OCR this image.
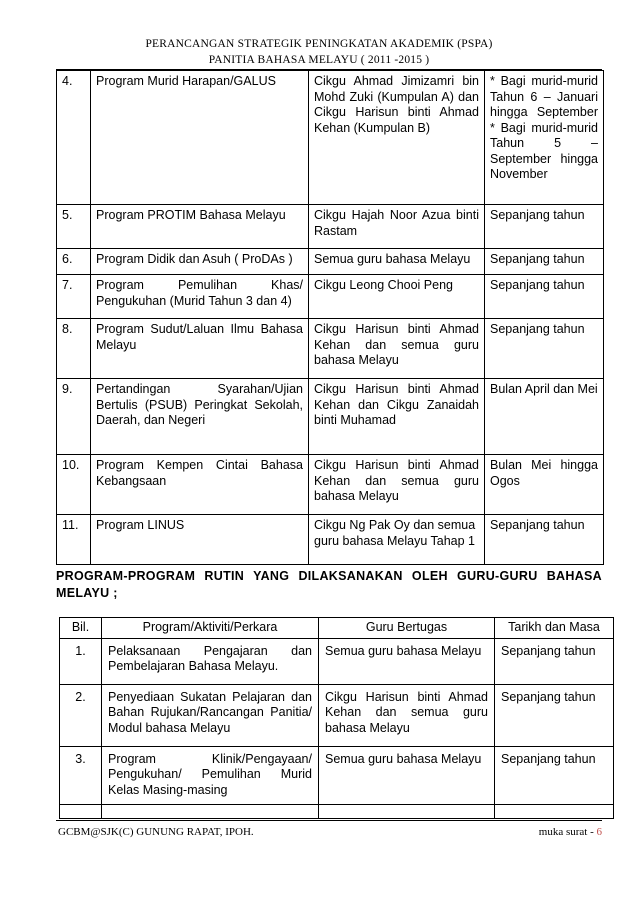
PERANCANGAN STRATEGIK PENINGKATAN AKADEMIK (PSPA)
PANITIA BAHASA MELAYU ( 2011 -2015 )
4.	Program Murid Harapan/GALUS	Cikgu Ahmad Jimizamri bin Mohd Zuki (Kumpulan A) dan Cikgu Harisun binti Ahmad Kehan (Kumpulan B)	* Bagi murid-murid Tahun 6 – Januari hingga September * Bagi murid-murid Tahun 5 – September hingga November
5.	Program PROTIM Bahasa Melayu	Cikgu Hajah Noor Azua binti Rastam	Sepanjang tahun
6.	Program Didik dan Asuh ( ProDAs )	Semua guru bahasa Melayu	Sepanjang tahun
7.	Program Pemulihan Khas/ Pengukuhan (Murid Tahun 3 dan 4)	Cikgu Leong Chooi Peng	Sepanjang tahun
8.	Program Sudut/Laluan Ilmu Bahasa Melayu	Cikgu Harisun binti Ahmad Kehan dan semua guru bahasa Melayu	Sepanjang tahun
9.	Pertandingan Syarahan/Ujian Bertulis (PSUB) Peringkat Sekolah, Daerah, dan Negeri	Cikgu Harisun binti Ahmad Kehan dan Cikgu Zanaidah binti Muhamad	Bulan April dan Mei
10.	Program Kempen Cintai Bahasa Kebangsaan	Cikgu Harisun binti Ahmad Kehan dan semua guru bahasa Melayu	Bulan Mei hingga Ogos
11.	Program LINUS	Cikgu Ng Pak Oy dan semua guru bahasa Melayu Tahap 1	Sepanjang tahun
PROGRAM-PROGRAM RUTIN YANG DILAKSANAKAN OLEH GURU-GURU BAHASA MELAYU ;
Bil.	Program/Aktiviti/Perkara	Guru Bertugas	Tarikh dan Masa
1.	Pelaksanaan Pengajaran dan Pembelajaran Bahasa Melayu.	Semua guru bahasa Melayu	Sepanjang tahun
2.	Penyediaan Sukatan Pelajaran dan Bahan Rujukan/Rancangan Panitia/ Modul bahasa Melayu	Cikgu Harisun binti Ahmad Kehan dan semua guru bahasa Melayu	Sepanjang tahun
3.	Program Klinik/Pengayaan/ Pengukuhan/ Pemulihan Murid Kelas Masing-masing	Semua guru bahasa Melayu	Sepanjang tahun

GCBM@SJK(C) GUNUNG RAPAT, IPOH.	muka surat - 6
